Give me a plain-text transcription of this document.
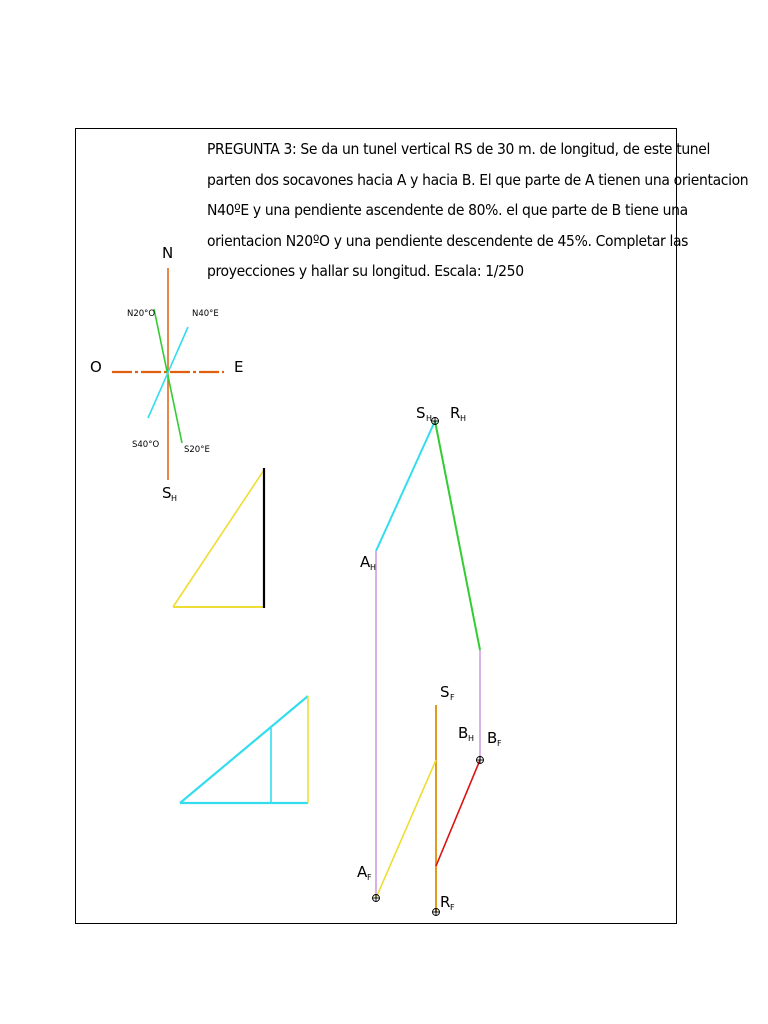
PREGUNTA 3: Se da un tunel vertical RS de 30 m. de longitud, de este tunel
parten dos socavones hacia A y hacia B. El que parte de A tienen una orientacion
N40ºE y una pendiente ascendente de 80%. el que parte de B tiene una
orientacion N20ºO y una pendiente descendente de 45%. Completar las
proyecciones y hallar su longitud. Escala: 1/250
N
O	E
S H
N20°O	N40°E
S40°O	S20°E
S H R H
A H
S F
B H B F
A F
R F
